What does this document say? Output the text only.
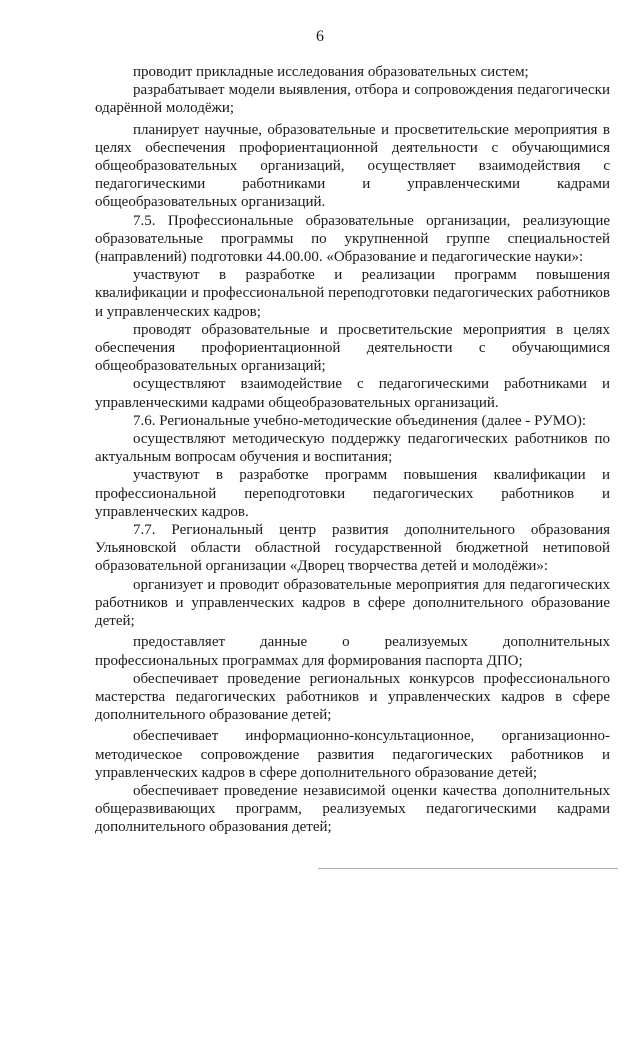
6

проводит прикладные исследования образовательных систем;

разрабатывает модели выявления, отбора и сопровождения педагогически одарённой молодёжи;

планирует научные, образовательные и просветительские мероприятия в целях обеспечения профориентационной деятельности с обучающимися общеобразовательных организаций, осуществляет взаимодействия с педагогическими работниками и управленческими кадрами общеобразовательных организаций.

7.5. Профессиональные образовательные организации, реализующие образовательные программы по укрупненной группе специальностей (направлений) подготовки 44.00.00. «Образование и педагогические науки»:

участвуют в разработке и реализации программ повышения квалификации и профессиональной переподготовки педагогических работников и управленческих кадров;

проводят образовательные и просветительские мероприятия в целях обеспечения профориентационной деятельности с обучающимися общеобразовательных организаций;

осуществляют взаимодействие с педагогическими работниками и управленческими кадрами общеобразовательных организаций.

7.6. Региональные учебно-методические объединения (далее - РУМО):

осуществляют методическую поддержку педагогических работников по актуальным вопросам обучения и воспитания;

участвуют в разработке программ повышения квалификации и профессиональной переподготовки педагогических работников и управленческих кадров.

7.7. Региональный центр развития дополнительного образования Ульяновской области областной государственной бюджетной нетиповой образовательной организации «Дворец творчества детей и молодёжи»:

организует и проводит образовательные мероприятия для педагогических работников и управленческих кадров в сфере дополнительного образование детей;

предоставляет данные о реализуемых дополнительных профессиональных программах для формирования паспорта ДПО;

обеспечивает проведение региональных конкурсов профессионального мастерства педагогических работников и управленческих кадров в сфере дополнительного образование детей;

обеспечивает информационно-консультационное, организационно-методическое сопровождение развития педагогических работников и управленческих кадров в сфере дополнительного образование детей;

обеспечивает проведение независимой оценки качества дополнительных общеразвивающих программ, реализуемых педагогическими кадрами дополнительного образования детей;
